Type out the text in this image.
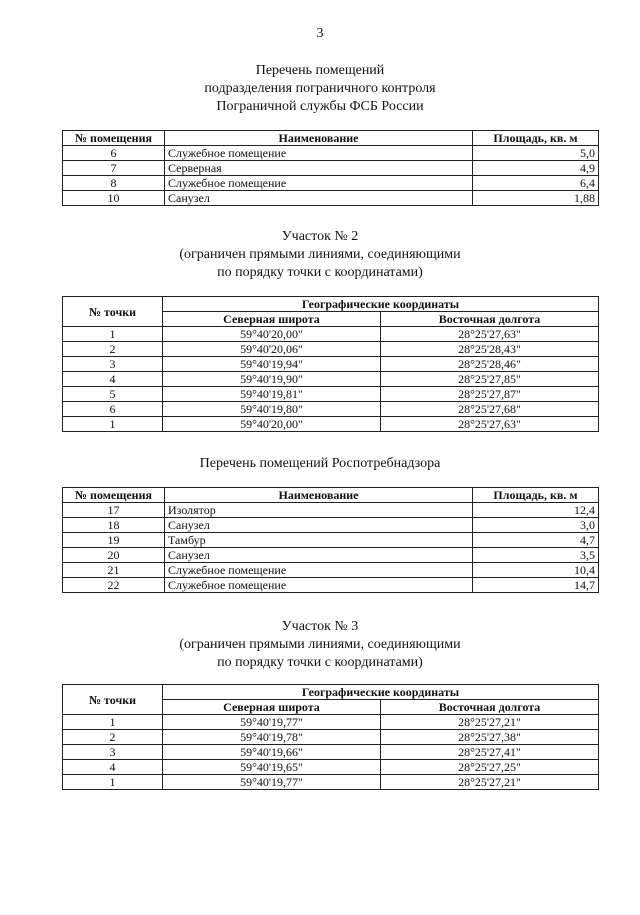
3
Перечень помещений
подразделения пограничного контроля
Пограничной службы ФСБ России
№ помещения	Наименование	Площадь, кв. м
6	Служебное помещение	5,0
7	Серверная	4,9
8	Служебное помещение	6,4
10	Санузел	1,88
Участок № 2
(ограничен прямыми линиями, соединяющими
по порядку точки с координатами)
№ точки	Географические координаты	
	Северная широта	Восточная долгота
1	59°40'20,00"	28°25'27,63"
2	59°40'20,06"	28°25'28,43"
3	59°40'19,94"	28°25'28,46"
4	59°40'19,90"	28°25'27,85"
5	59°40'19,81"	28°25'27,87"
6	59°40'19,80"	28°25'27,68"
1	59°40'20,00"	28°25'27,63"
Перечень помещений Роспотребнадзора
№ помещения	Наименование	Площадь, кв. м
17	Изолятор	12,4
18	Санузел	3,0
19	Тамбур	4,7
20	Санузел	3,5
21	Служебное помещение	10,4
22	Служебное помещение	14,7
Участок № 3
(ограничен прямыми линиями, соединяющими
по порядку точки с координатами)
№ точки	Географические координаты	
	Северная широта	Восточная долгота
1	59°40'19,77"	28°25'27,21"
2	59°40'19,78"	28°25'27,38"
3	59°40'19,66"	28°25'27,41"
4	59°40'19,65"	28°25'27,25"
1	59°40'19,77"	28°25'27,21"
